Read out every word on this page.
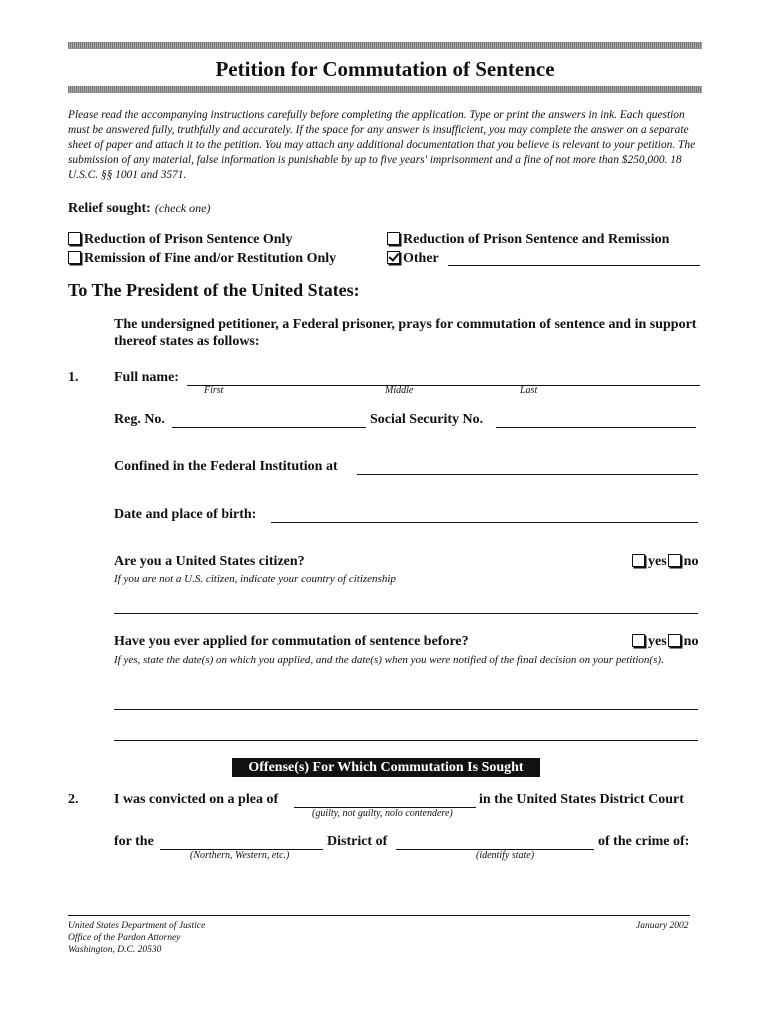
Petition for Commutation of Sentence
Please read the accompanying instructions carefully before completing the application. Type or print the answers in ink. Each question must be answered fully, truthfully and accurately. If the space for any answer is insufficient, you may complete the answer on a separate sheet of paper and attach it to the petition. You may attach any additional documentation that you believe is relevant to your petition. The submission of any material, false information is punishable by up to five years' imprisonment and a fine of not more than $250,000. 18 U.S.C. §§ 1001 and 3571.
Relief sought: (check one)
Reduction of Prison Sentence Only
Remission of Fine and/or Restitution Only
Reduction of Prison Sentence and Remission
Other
To The President of the United States:
The undersigned petitioner, a Federal prisoner, prays for commutation of sentence and in support thereof states as follows:
1.	Full name:
First	Middle	Last
Reg. No.	Social Security No.
Confined in the Federal Institution at
Date and place of birth:
Are you a United States citizen?	yes no
If you are not a U.S. citizen, indicate your country of citizenship
Have you ever applied for commutation of sentence before?	yes no
If yes, state the date(s) on which you applied, and the date(s) when you were notified of the final decision on your petition(s).
Offense(s) For Which Commutation Is Sought
2.	I was convicted on a plea of
(guilty, not guilty, nolo contendere)
in the United States District Court
for the
(Northern, Western, etc.)
District of
(identify state)
of the crime of:
United States Department of Justice
Office of the Pardon Attorney
Washington, D.C. 20530
January 2002
